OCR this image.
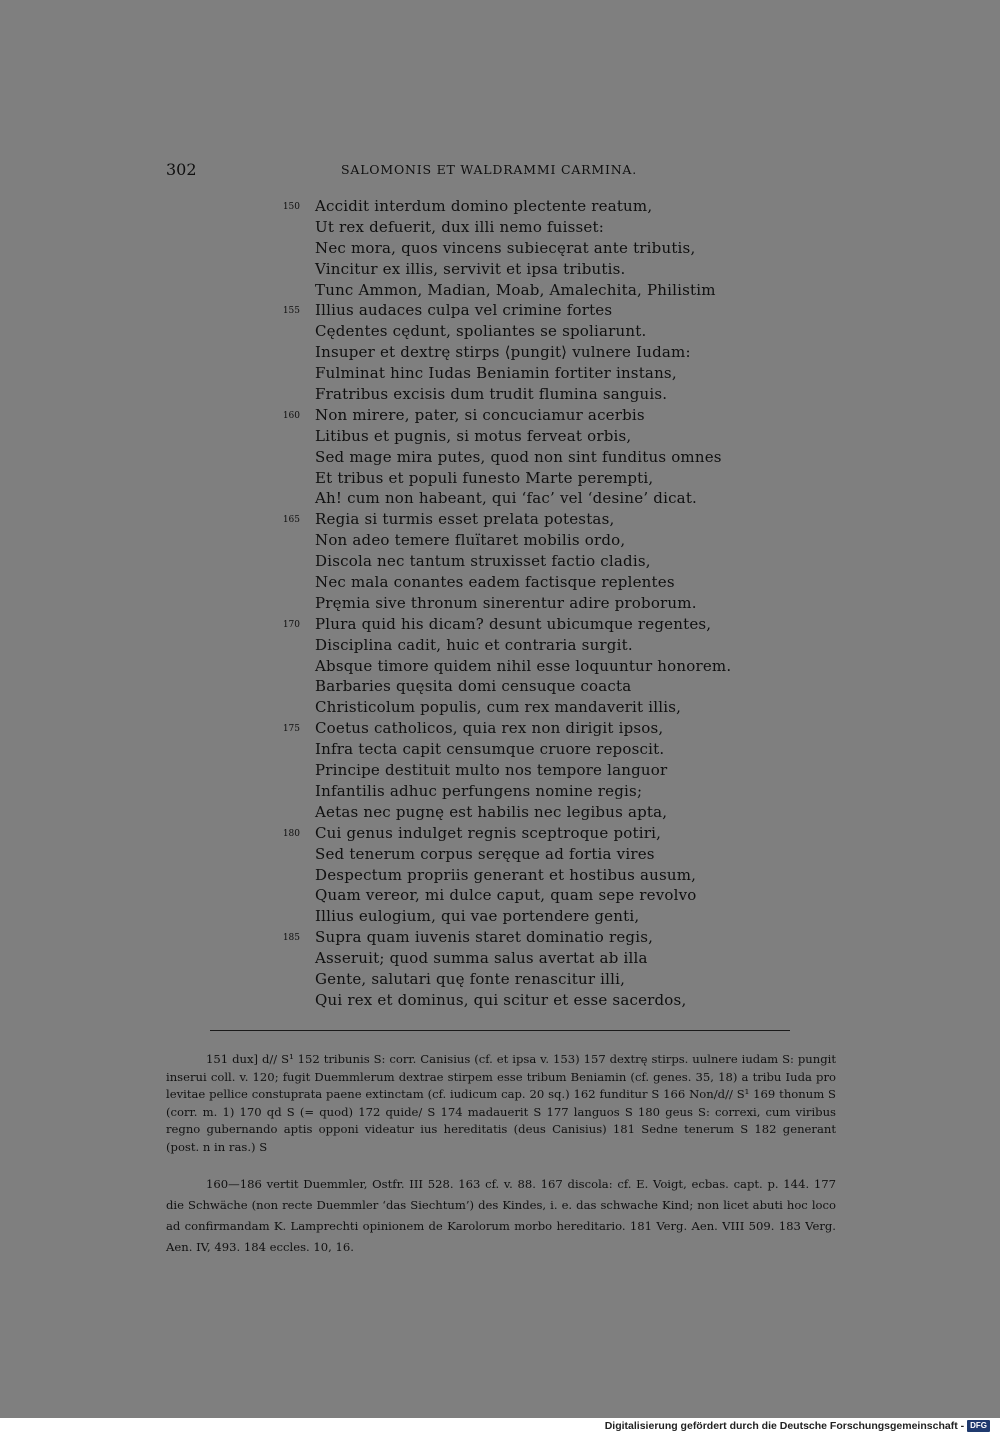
302	SALOMONIS ET WALDRAMMI CARMINA.
150 Accidit interdum domino plectente reatum,
Ut rex defuerit, dux illi nemo fuisset:
Nec mora, quos vincens subiecęrat ante tributis,
Vincitur ex illis, servivit et ipsa tributis.
Tunc Ammon, Madian, Moab, Amalechita, Philistim
155 Illius audaces culpa vel crimine fortes
Cędentes cędunt, spoliantes se spoliarunt.
Insuper et dextrę stirps ⟨pungit⟩ vulnere Iudam:
Fulminat hinc Iudas Beniamin fortiter instans,
Fratribus excisis dum trudit flumina sanguis.
160 Non mirere, pater, si concuciamur acerbis
Litibus et pugnis, si motus ferveat orbis,
Sed mage mira putes, quod non sint funditus omnes
Et tribus et populi funesto Marte perempti,
Ah! cum non habeant, qui ‘fac’ vel ‘desine’ dicat.
165 Regia si turmis esset prelata potestas,
Non adeo temere fluïtaret mobilis ordo,
Discola nec tantum struxisset factio cladis,
Nec mala conantes eadem factisque replentes
Pręmia sive thronum sinerentur adire proborum.
170 Plura quid his dicam? desunt ubicumque regentes,
Disciplina cadit, huic et contraria surgit.
Absque timore quidem nihil esse loquuntur honorem.
Barbaries quęsita domi censuque coacta
Christicolum populis, cum rex mandaverit illis,
175 Coetus catholicos, quia rex non dirigit ipsos,
Infra tecta capit censumque cruore reposcit.
Principe destituit multo nos tempore languor
Infantilis adhuc perfungens nomine regis;
Aetas nec pugnę est habilis nec legibus apta,
180 Cui genus indulget regnis sceptroque potiri,
Sed tenerum corpus seręque ad fortia vires
Despectum propriis generant et hostibus ausum,
Quam vereor, mi dulce caput, quam sepe revolvo
Illius eulogium, qui vae portendere genti,
185 Supra quam iuvenis staret dominatio regis,
Asseruit; quod summa salus avertat ab illa
Gente, salutari quę fonte renascitur illi,
Qui rex et dominus, qui scitur et esse sacerdos,
151 dux] d// S¹ 152 tribunis S: corr. Canisius (cf. et ipsa v. 153) 157 dextrę stirps. uulnere iudam S: pungit inserui coll. v. 120; fugit Duemmlerum dextrae stirpem esse tribum Beniamin (cf. genes. 35, 18) a tribu Iuda pro levitae pellice constuprata paene extinctam (cf. iudicum cap. 20 sq.) 162 funditur S 166 Non/d// S¹ 169 thonum S (corr. m. 1) 170 qd S (= quod) 172 quide/ S 174 madauerit S 177 languos S 180 geus S: correxi, cum viribus regno gubernando aptis opponi videatur ius hereditatis (deus Canisius) 181 Sedne tenerum S 182 generant (post. n in ras.) S
160—186 vertit Duemmler, Ostfr. III 528. 163 cf. v. 88. 167 discola: cf. E. Voigt, ecbas. capt. p. 144. 177 die Schwäche (non recte Duemmler ‘das Siechtum’) des Kindes, i. e. das schwache Kind; non licet abuti hoc loco ad confirmandam K. Lamprechti opinionem de Karolorum morbo hereditario. 181 Verg. Aen. VIII 509. 183 Verg. Aen. IV, 493. 184 eccles. 10, 16.
Digitalisierung gefördert durch die Deutsche Forschungsgemeinschaft - DFG
